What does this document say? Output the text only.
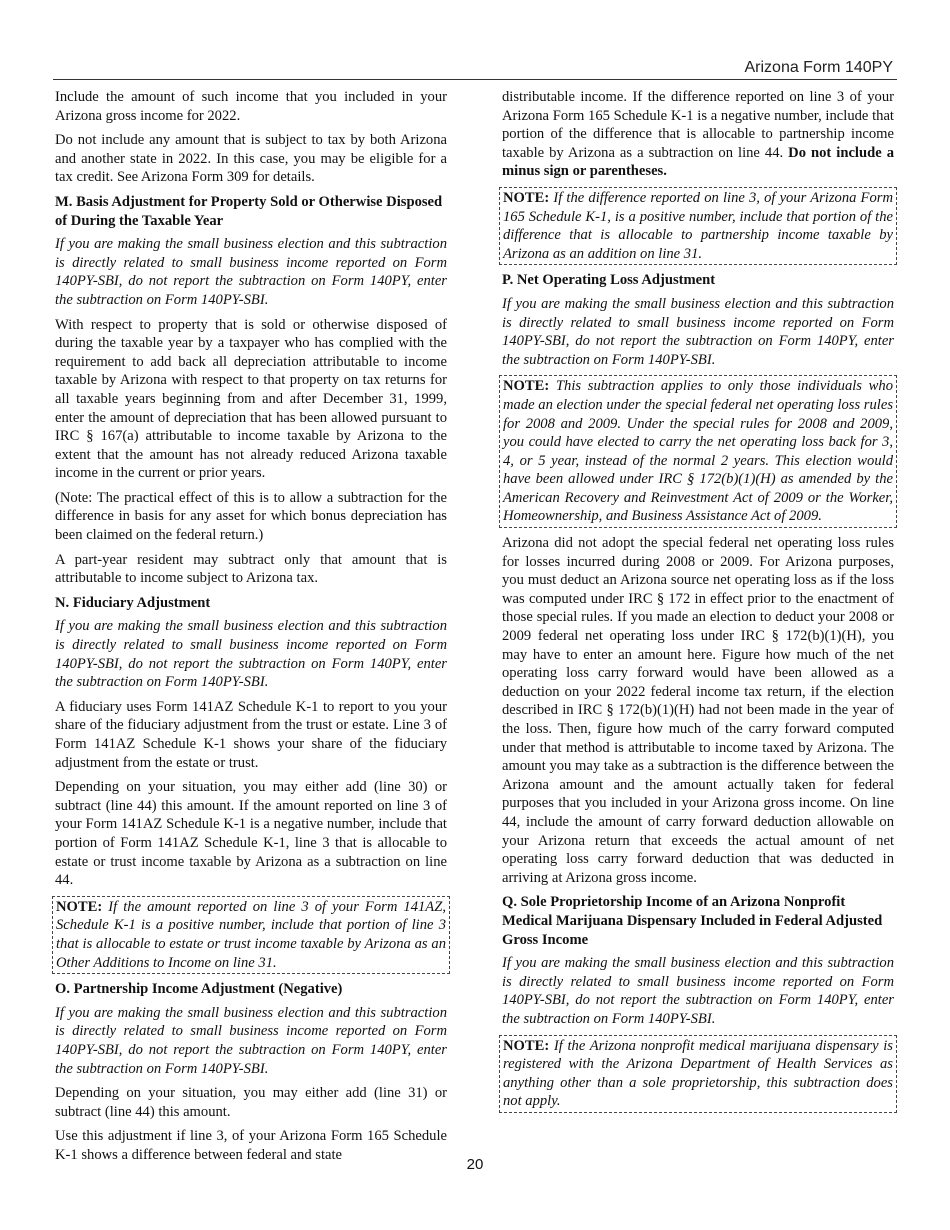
Arizona Form 140PY

Include the amount of such income that you included in your Arizona gross income for 2022.

Do not include any amount that is subject to tax by both Arizona and another state in 2022. In this case, you may be eligible for a tax credit. See Arizona Form 309 for details.

M. Basis Adjustment for Property Sold or Otherwise Disposed of During the Taxable Year

If you are making the small business election and this subtraction is directly related to small business income reported on Form 140PY-SBI, do not report the subtraction on Form 140PY, enter the subtraction on Form 140PY-SBI.

With respect to property that is sold or otherwise disposed of during the taxable year by a taxpayer who has complied with the requirement to add back all depreciation attributable to income taxable by Arizona with respect to that property on tax returns for all taxable years beginning from and after December 31, 1999, enter the amount of depreciation that has been allowed pursuant to IRC § 167(a) attributable to income taxable by Arizona to the extent that the amount has not already reduced Arizona taxable income in the current or prior years.

(Note: The practical effect of this is to allow a subtraction for the difference in basis for any asset for which bonus depreciation has been claimed on the federal return.)

A part-year resident may subtract only that amount that is attributable to income subject to Arizona tax.

N. Fiduciary Adjustment

If you are making the small business election and this subtraction is directly related to small business income reported on Form 140PY-SBI, do not report the subtraction on Form 140PY, enter the subtraction on Form 140PY-SBI.

A fiduciary uses Form 141AZ Schedule K-1 to report to you your share of the fiduciary adjustment from the trust or estate. Line 3 of Form 141AZ Schedule K-1 shows your share of the fiduciary adjustment from the estate or trust.

Depending on your situation, you may either add (line 30) or subtract (line 44) this amount. If the amount reported on line 3 of your Form 141AZ Schedule K-1 is a negative number, include that portion of Form 141AZ Schedule K-1, line 3 that is allocable to estate or trust income taxable by Arizona as a subtraction on line 44.

NOTE: If the amount reported on line 3 of your Form 141AZ, Schedule K-1 is a positive number, include that portion of line 3 that is allocable to estate or trust income taxable by Arizona as an Other Additions to Income on line 31.

O. Partnership Income Adjustment (Negative)

If you are making the small business election and this subtraction is directly related to small business income reported on Form 140PY-SBI, do not report the subtraction on Form 140PY, enter the subtraction on Form 140PY-SBI.

Depending on your situation, you may either add (line 31) or subtract (line 44) this amount.

Use this adjustment if line 3, of your Arizona Form 165 Schedule K-1 shows a difference between federal and state

distributable income. If the difference reported on line 3 of your Arizona Form 165 Schedule K-1 is a negative number, include that portion of the difference that is allocable to partnership income taxable by Arizona as a subtraction on line 44. Do not include a minus sign or parentheses.

NOTE: If the difference reported on line 3, of your Arizona Form 165 Schedule K-1, is a positive number, include that portion of the difference that is allocable to partnership income taxable by Arizona as an addition on line 31.

P. Net Operating Loss Adjustment

If you are making the small business election and this subtraction is directly related to small business income reported on Form 140PY-SBI, do not report the subtraction on Form 140PY, enter the subtraction on Form 140PY-SBI.

NOTE: This subtraction applies to only those individuals who made an election under the special federal net operating loss rules for 2008 and 2009. Under the special rules for 2008 and 2009, you could have elected to carry the net operating loss back for 3, 4, or 5 year, instead of the normal 2 years. This election would have been allowed under IRC § 172(b)(1)(H) as amended by the American Recovery and Reinvestment Act of 2009 or the Worker, Homeownership, and Business Assistance Act of 2009.

Arizona did not adopt the special federal net operating loss rules for losses incurred during 2008 or 2009. For Arizona purposes, you must deduct an Arizona source net operating loss as if the loss was computed under IRC § 172 in effect prior to the enactment of those special rules. If you made an election to deduct your 2008 or 2009 federal net operating loss under IRC § 172(b)(1)(H), you may have to enter an amount here. Figure how much of the net operating loss carry forward would have been allowed as a deduction on your 2022 federal income tax return, if the election described in IRC § 172(b)(1)(H) had not been made in the year of the loss. Then, figure how much of the carry forward computed under that method is attributable to income taxed by Arizona. The amount you may take as a subtraction is the difference between the Arizona amount and the amount actually taken for federal purposes that you included in your Arizona gross income. On line 44, include the amount of carry forward deduction allowable on your Arizona return that exceeds the actual amount of net operating loss carry forward deduction that was deducted in arriving at Arizona gross income.

Q. Sole Proprietorship Income of an Arizona Nonprofit Medical Marijuana Dispensary Included in Federal Adjusted Gross Income

If you are making the small business election and this subtraction is directly related to small business income reported on Form 140PY-SBI, do not report the subtraction on Form 140PY, enter the subtraction on Form 140PY-SBI.

NOTE: If the Arizona nonprofit medical marijuana dispensary is registered with the Arizona Department of Health Services as anything other than a sole proprietorship, this subtraction does not apply.
20
